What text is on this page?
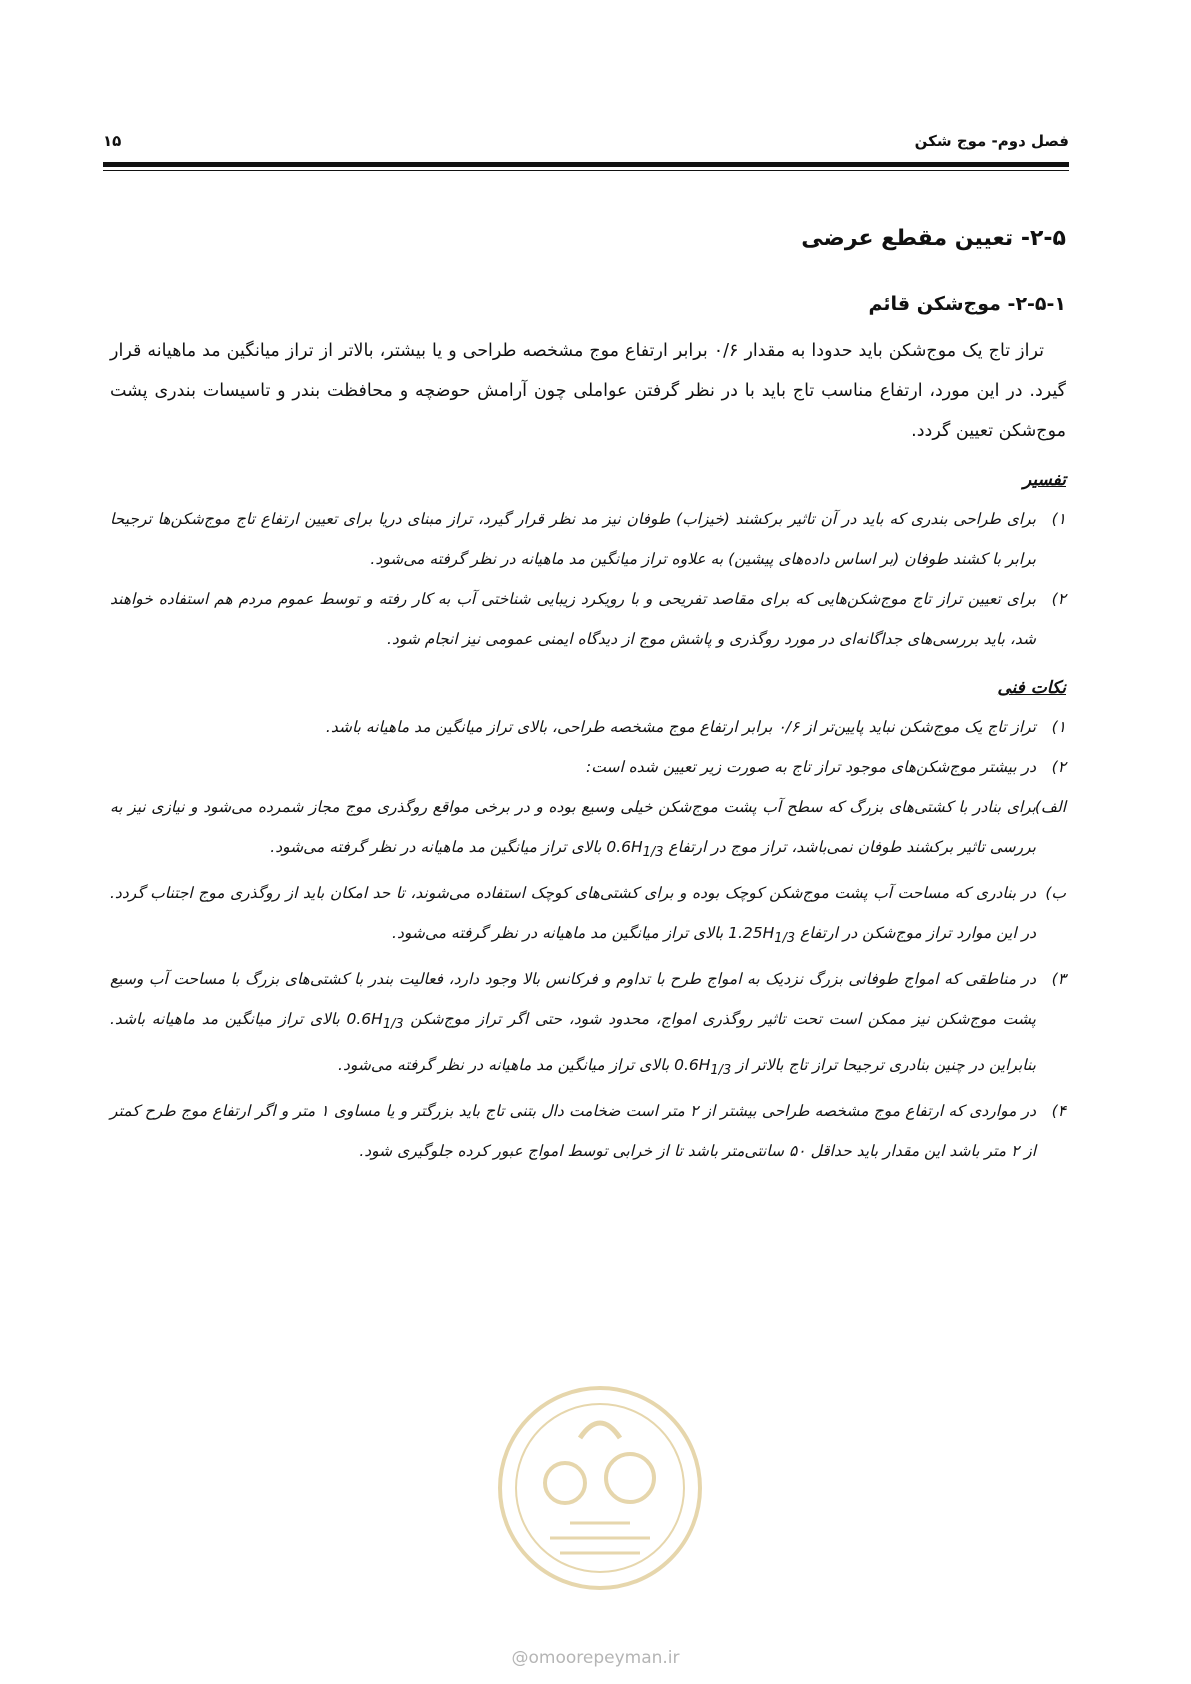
فصل دوم- موج شکن
۱۵
۲-۵- تعیین مقطع عرضی
۲-۵-۱- موج‌شکن قائم

تراز تاج یک موج‌شکن باید حدودا به مقدار ۰/۶ برابر ارتفاع موج مشخصه طراحی و یا بیشتر، بالاتر از تراز میانگین مد ماهیانه قرار گیرد. در این مورد، ارتفاع مناسب تاج باید با در نظر گرفتن عواملی چون آرامش حوضچه و محافظت بندر و تاسیسات بندری پشت موج‌شکن تعیین گردد.

تفسیر
۱)
برای طراحی بندری که باید در آن تاثیر برکشند (خیزاب) طوفان نیز مد نظر قرار گیرد، تراز مبنای دریا برای تعیین ارتفاع تاج موج‌شکن‌ها ترجیحا برابر با کشند طوفان (بر اساس داده‌های پیشین) به علاوه تراز میانگین مد ماهیانه در نظر گرفته می‌شود.
۲)
برای تعیین تراز تاج موج‌شکن‌هایی که برای مقاصد تفریحی و با رویکرد زیبایی شناختی آب به کار رفته و توسط عموم مردم هم استفاده خواهند شد، باید بررسی‌های جداگانه‌ای در مورد روگذری و پاشش موج از دیدگاه ایمنی عمومی نیز انجام شود.
نکات فنی
۱)
تراز تاج یک موج‌شکن نباید پایین‌تر از ۰/۶ برابر ارتفاع موج مشخصه طراحی، بالای تراز میانگین مد ماهیانه باشد.
۲)
در بیشتر موج‌شکن‌های موجود تراز تاج به صورت زیر تعیین شده است:
الف)
برای بنادر با کشتی‌های بزرگ که سطح آب پشت موج‌شکن خیلی وسیع بوده و در برخی مواقع روگذری موج مجاز شمرده می‌شود و نیازی نیز به بررسی تاثیر برکشند طوفان نمی‌باشد، تراز موج در ارتفاع $0.6H_{1/3}$ بالای تراز میانگین مد ماهیانه در نظر گرفته می‌شود.
ب)
در بنادری که مساحت آب پشت موج‌شکن کوچک بوده و برای کشتی‌های کوچک استفاده می‌شوند، تا حد امکان باید از روگذری موج اجتناب گردد. در این موارد تراز موج‌شکن در ارتفاع $1.25H_{1/3}$ بالای تراز میانگین مد ماهیانه در نظر گرفته می‌شود.
۳)
در مناطقی که امواج طوفانی بزرگ نزدیک به امواج طرح با تداوم و فرکانس بالا وجود دارد، فعالیت بندر با کشتی‌های بزرگ با مساحت آب وسیع پشت موج‌شکن نیز ممکن است تحت تاثیر روگذری امواج، محدود شود، حتی اگر تراز موج‌شکن $0.6H_{1/3}$ بالای تراز میانگین مد ماهیانه باشد. بنابراین در چنین بنادری ترجیحا تراز تاج بالاتر از $0.6H_{1/3}$ بالای تراز میانگین مد ماهیانه در نظر گرفته می‌شود.
۴)
در مواردی که ارتفاع موج مشخصه طراحی بیشتر از ۲ متر است ضخامت دال بتنی تاج باید بزرگتر و یا مساوی ۱ متر و اگر ارتفاع موج طرح کمتر از ۲ متر باشد این مقدار باید حداقل ۵۰ سانتی‌متر باشد تا از خرابی توسط امواج عبور کرده جلوگیری شود.
@omoorepeyman.ir
